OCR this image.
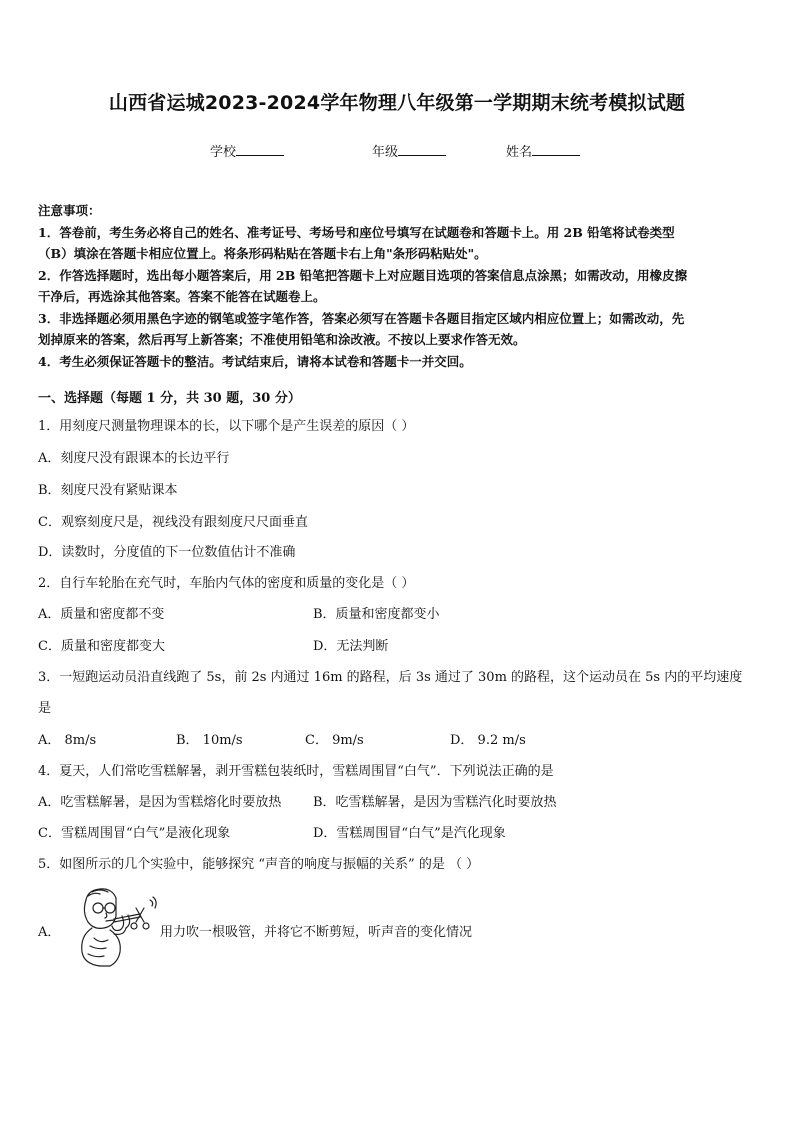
山西省运城2023-2024学年物理八年级第一学期期末统考模拟试题
学校	年级	姓名
注意事项：
1．答卷前，考生务必将自己的姓名、准考证号、考场号和座位号填写在试题卷和答题卡上。用 2B 铅笔将试卷类型
（B）填涂在答题卡相应位置上。将条形码粘贴在答题卡右上角"条形码粘贴处"。
2．作答选择题时，选出每小题答案后，用 2B 铅笔把答题卡上对应题目选项的答案信息点涂黑；如需改动，用橡皮擦
干净后，再选涂其他答案。答案不能答在试题卷上。
3．非选择题必须用黑色字迹的钢笔或签字笔作答，答案必须写在答题卡各题目指定区域内相应位置上；如需改动，先
划掉原来的答案，然后再写上新答案；不准使用铅笔和涂改液。不按以上要求作答无效。
4．考生必须保证答题卡的整洁。考试结束后，请将本试卷和答题卡一并交回。
一、选择题（每题 1 分，共 30 题，30 分）
1．用刻度尺测量物理课本的长，以下哪个是产生误差的原因（ ）
A．刻度尺没有跟课本的长边平行
B．刻度尺没有紧贴课本
C．观察刻度尺是，视线没有跟刻度尺尺面垂直
D．读数时，分度值的下一位数值估计不准确
2．自行车轮胎在充气时，车胎内气体的密度和质量的变化是（ ）
A．质量和密度都不变	B．质量和密度都变小
C．质量和密度都变大	D．无法判断
3．一短跑运动员沿直线跑了 5s，前 2s 内通过 16m 的路程，后 3s 通过了 30m 的路程，这个运动员在 5s 内的平均速度
是
A． 8m/s	B． 10m/s	C． 9m/s	D． 9.2 m/s
4．夏天，人们常吃雪糕解暑，剥开雪糕包装纸时，雪糕周围冒“白气”．下列说法正确的是
A．吃雪糕解暑，是因为雪糕熔化时要放热 B．吃雪糕解暑，是因为雪糕汽化时要放热
C．雪糕周围冒“白气”是液化现象	D．雪糕周围冒“白气”是汽化现象
5．如图所示的几个实验中，能够探究 “声音的响度与振幅的关系” 的是 （ ）
A．	用力吹一根吸管，并将它不断剪短，听声音的变化情况
